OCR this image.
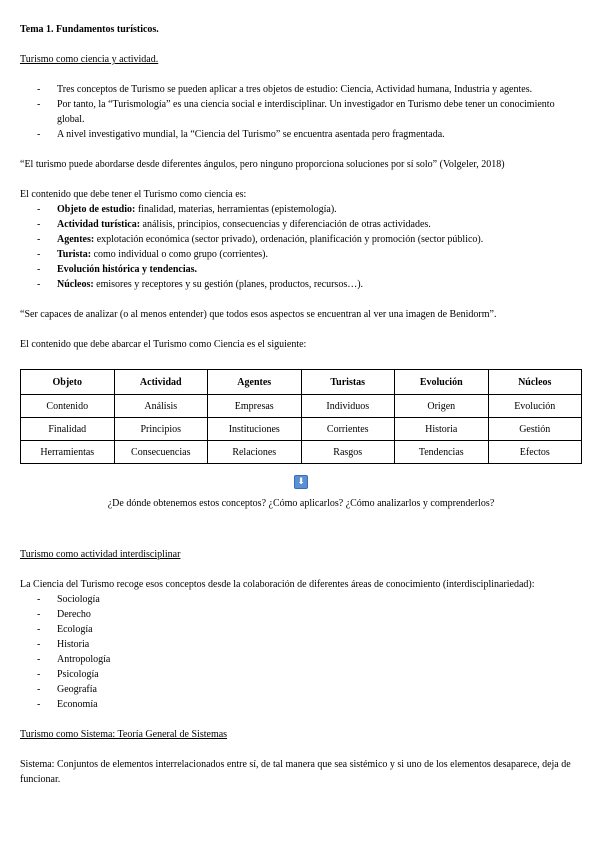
Tema 1. Fundamentos turísticos.
Turismo como ciencia y actividad.
- Tres conceptos de Turismo se pueden aplicar a tres objetos de estudio: Ciencia, Actividad humana, Industria y agentes.
- Por tanto, la “Turismología” es una ciencia social e interdisciplinar. Un investigador en Turismo debe tener un conocimiento global.
- A nivel investigativo mundial, la “Ciencia del Turismo” se encuentra asentada pero fragmentada.
“El turismo puede abordarse desde diferentes ángulos, pero ninguno proporciona soluciones por sí solo” (Volgeler, 2018)
El contenido que debe tener el Turismo como ciencia es:
- Objeto de estudio: finalidad, materias, herramientas (epistemología).
- Actividad turística: análisis, principios, consecuencias y diferenciación de otras actividades.
- Agentes: explotación económica (sector privado), ordenación, planificación y promoción (sector público).
- Turista: como individual o como grupo (corrientes).
- Evolución histórica y tendencias.
- Núcleos: emisores y receptores y su gestión (planes, productos, recursos…).
“Ser capaces de analizar (o al menos entender) que todos esos aspectos se encuentran al ver una imagen de Benidorm”.
El contenido que debe abarcar el Turismo como Ciencia es el siguiente:
Objeto	Actividad	Agentes	Turistas	Evolución	Núcleos
Contenido	Análisis	Empresas	Individuos	Origen	Evolución
Finalidad	Principios	Instituciones	Corrientes	Historia	Gestión
Herramientas	Consecuencias	Relaciones	Rasgos	Tendencias	Efectos
⬇
¿De dónde obtenemos estos conceptos? ¿Cómo aplicarlos? ¿Cómo analizarlos y comprenderlos?
Turismo como actividad interdisciplinar
La Ciencia del Turismo recoge esos conceptos desde la colaboración de diferentes áreas de conocimiento (interdisciplinariedad):
- Sociología
- Derecho
- Ecología
- Historia
- Antropología
- Psicología
- Geografía
- Economía
Turismo como Sistema: Teoría General de Sistemas
Sistema: Conjuntos de elementos interrelacionados entre sí, de tal manera que sea sistémico y si uno de los elementos desaparece, deja de funcionar.
